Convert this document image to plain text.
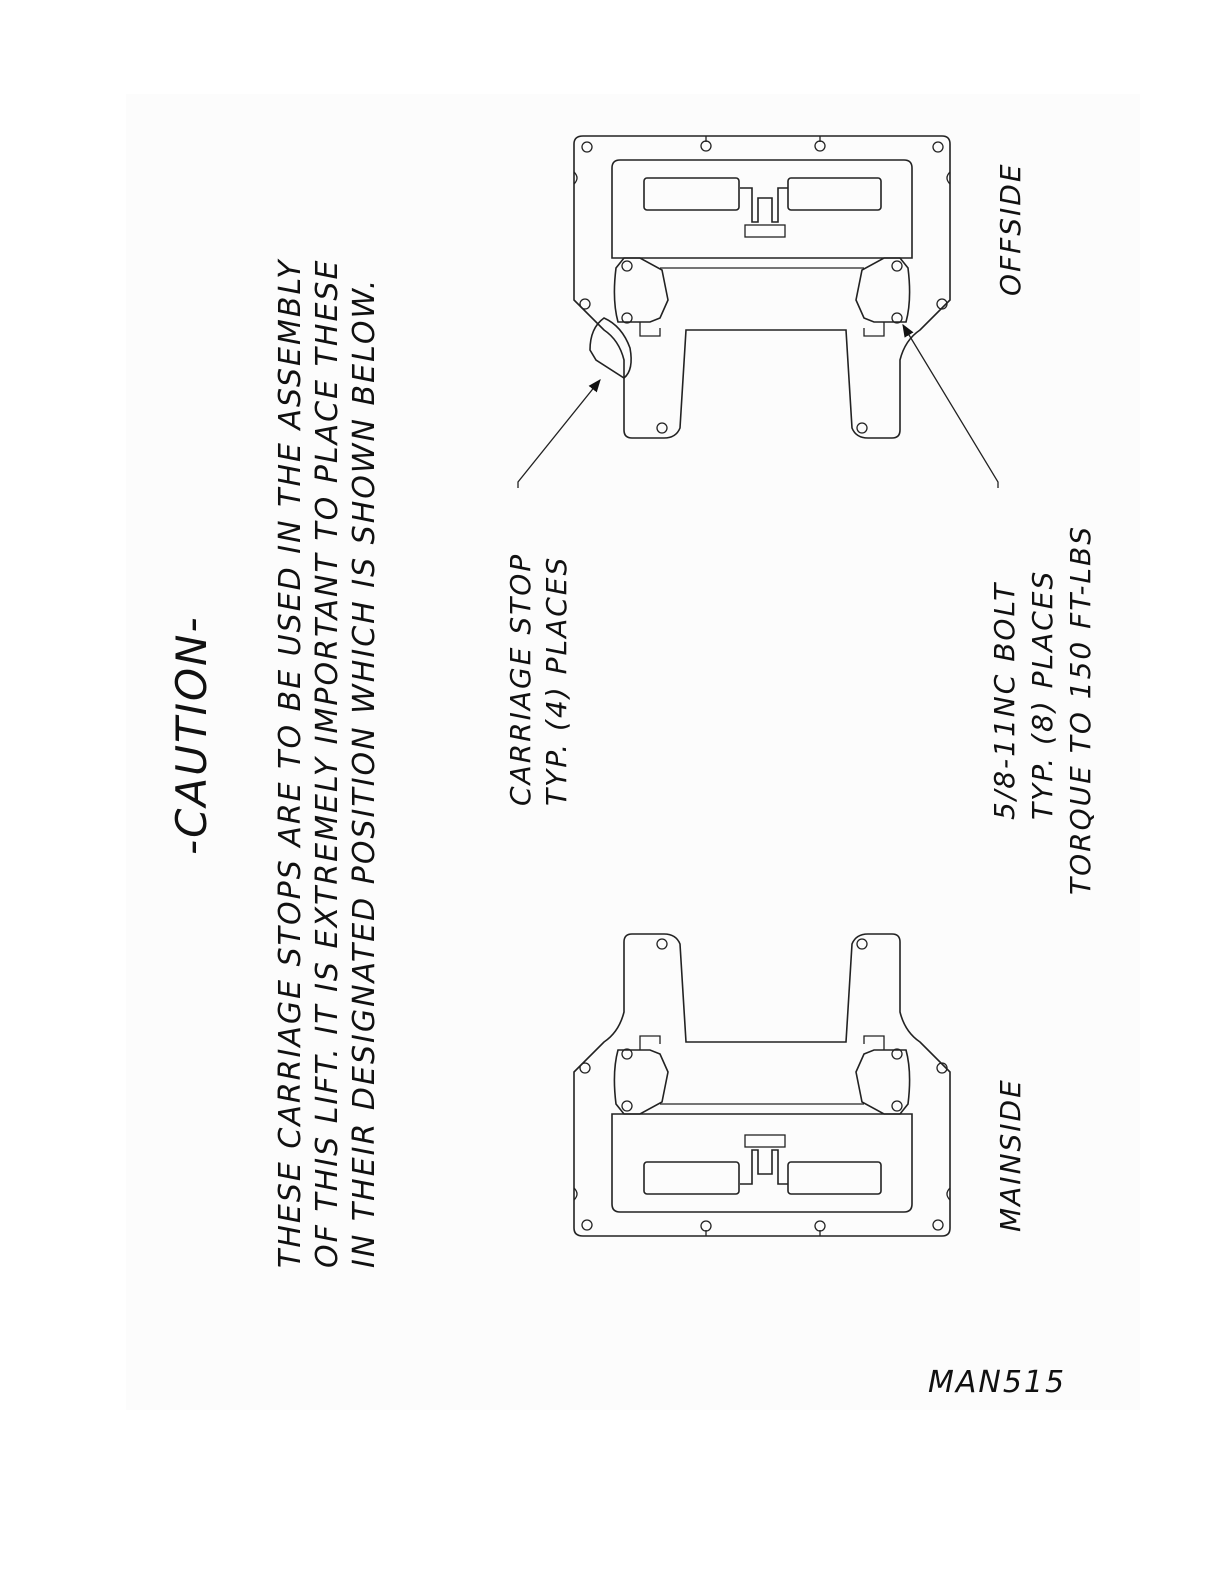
-CAUTION- THESE CARRIAGE STOPS ARE TO BE USED IN THE ASSEMBLY OF THIS LIFT. IT IS EXTREMELY IMPORTANT TO PLACE THESE IN THEIR DESIGNATED POSITION WHICH IS SHOWN BELOW.	CARRIAGE STOP TYP. (4) PLACES	5/8-11NC BOLT TYP. (8) PLACES TORQUE TO 150 FT-LBS
OFFSIDE
MAINSIDE
MAN515
